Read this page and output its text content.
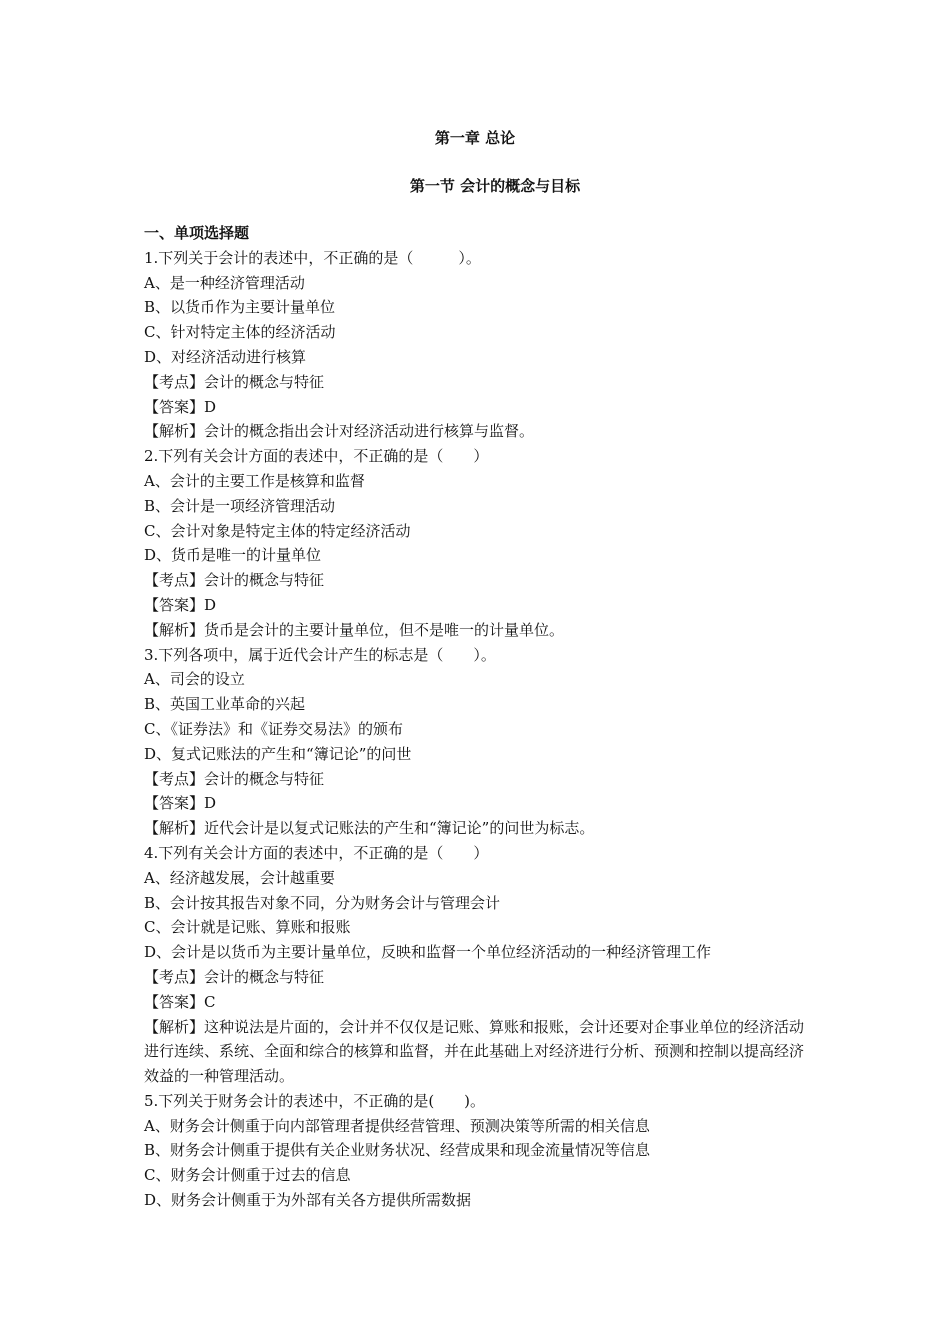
第一章 总论
第一节 会计的概念与目标

一、单项选择题

1.下列关于会计的表述中，不正确的是（　　　）。

A、是一种经济管理活动

B、以货币作为主要计量单位

C、针对特定主体的经济活动

D、对经济活动进行核算

【考点】会计的概念与特征

【答案】D

【解析】会计的概念指出会计对经济活动进行核算与监督。

2.下列有关会计方面的表述中，不正确的是（　　）

A、会计的主要工作是核算和监督

B、会计是一项经济管理活动

C、会计对象是特定主体的特定经济活动

D、货币是唯一的计量单位

【考点】会计的概念与特征

【答案】D

【解析】货币是会计的主要计量单位，但不是唯一的计量单位。

3.下列各项中，属于近代会计产生的标志是（　　）。

A、司会的设立

B、英国工业革命的兴起

C、《证券法》和《证券交易法》的颁布

D、复式记账法的产生和“簿记论”的问世

【考点】会计的概念与特征

【答案】D

【解析】近代会计是以复式记账法的产生和“簿记论”的问世为标志。

4.下列有关会计方面的表述中，不正确的是（　　）

A、经济越发展，会计越重要

B、会计按其报告对象不同，分为财务会计与管理会计

C、会计就是记账、算账和报账

D、会计是以货币为主要计量单位，反映和监督一个单位经济活动的一种经济管理工作

【考点】会计的概念与特征

【答案】C

【解析】这种说法是片面的，会计并不仅仅是记账、算账和报账，会计还要对企事业单位的经济活动进行连续、系统、全面和综合的核算和监督，并在此基础上对经济进行分析、预测和控制以提高经济效益的一种管理活动。

5.下列关于财务会计的表述中，不正确的是(　　)。

A、财务会计侧重于向内部管理者提供经营管理、预测决策等所需的相关信息

B、财务会计侧重于提供有关企业财务状况、经营成果和现金流量情况等信息

C、财务会计侧重于过去的信息

D、财务会计侧重于为外部有关各方提供所需数据
